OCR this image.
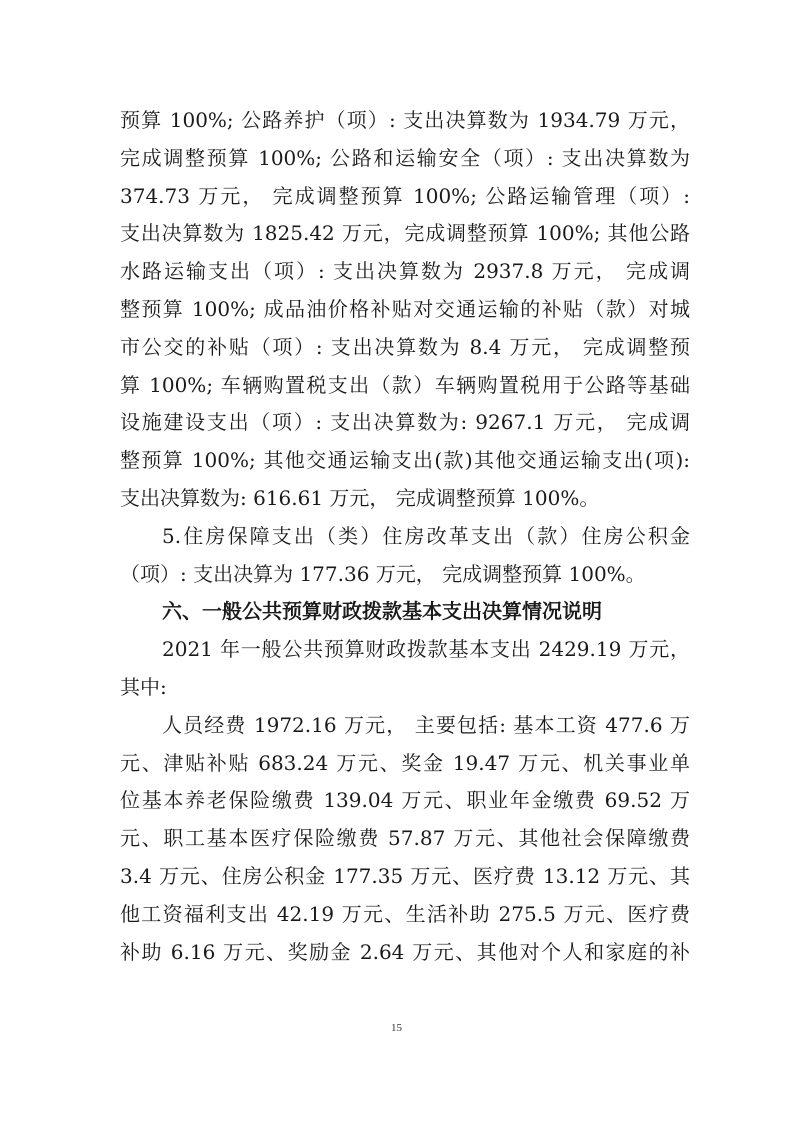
预算 100%; 公路养护（项）: 支出决算数为 1934.79 万元，
完成调整预算 100%; 公路和运输安全（项）: 支出决算数为
374.73 万元， 完成调整预算 100%; 公路运输管理（项）:
支出决算数为 1825.42 万元，完成调整预算 100%; 其他公路
水路运输支出（项）: 支出决算数为 2937.8 万元， 完成调
整预算 100%; 成品油价格补贴对交通运输的补贴（款）对城
市公交的补贴（项）: 支出决算数为 8.4 万元， 完成调整预
算 100%; 车辆购置税支出（款）车辆购置税用于公路等基础
设施建设支出（项）: 支出决算数为: 9267.1 万元， 完成调
整预算 100%; 其他交通运输支出(款)其他交通运输支出(项):
支出决算数为: 616.61 万元， 完成调整预算 100%。
5.住房保障支出（类）住房改革支出（款）住房公积金
（项）: 支出决算为 177.36 万元， 完成调整预算 100%。
六、一般公共预算财政拨款基本支出决算情况说明
2021 年一般公共预算财政拨款基本支出 2429.19 万元，
其中:
人员经费 1972.16 万元， 主要包括: 基本工资 477.6 万
元、津贴补贴 683.24 万元、奖金 19.47 万元、机关事业单
位基本养老保险缴费 139.04 万元、职业年金缴费 69.52 万
元、职工基本医疗保险缴费 57.87 万元、其他社会保障缴费
3.4 万元、住房公积金 177.35 万元、医疗费 13.12 万元、其
他工资福利支出 42.19 万元、生活补助 275.5 万元、医疗费
补助 6.16 万元、奖励金 2.64 万元、其他对个人和家庭的补
15
